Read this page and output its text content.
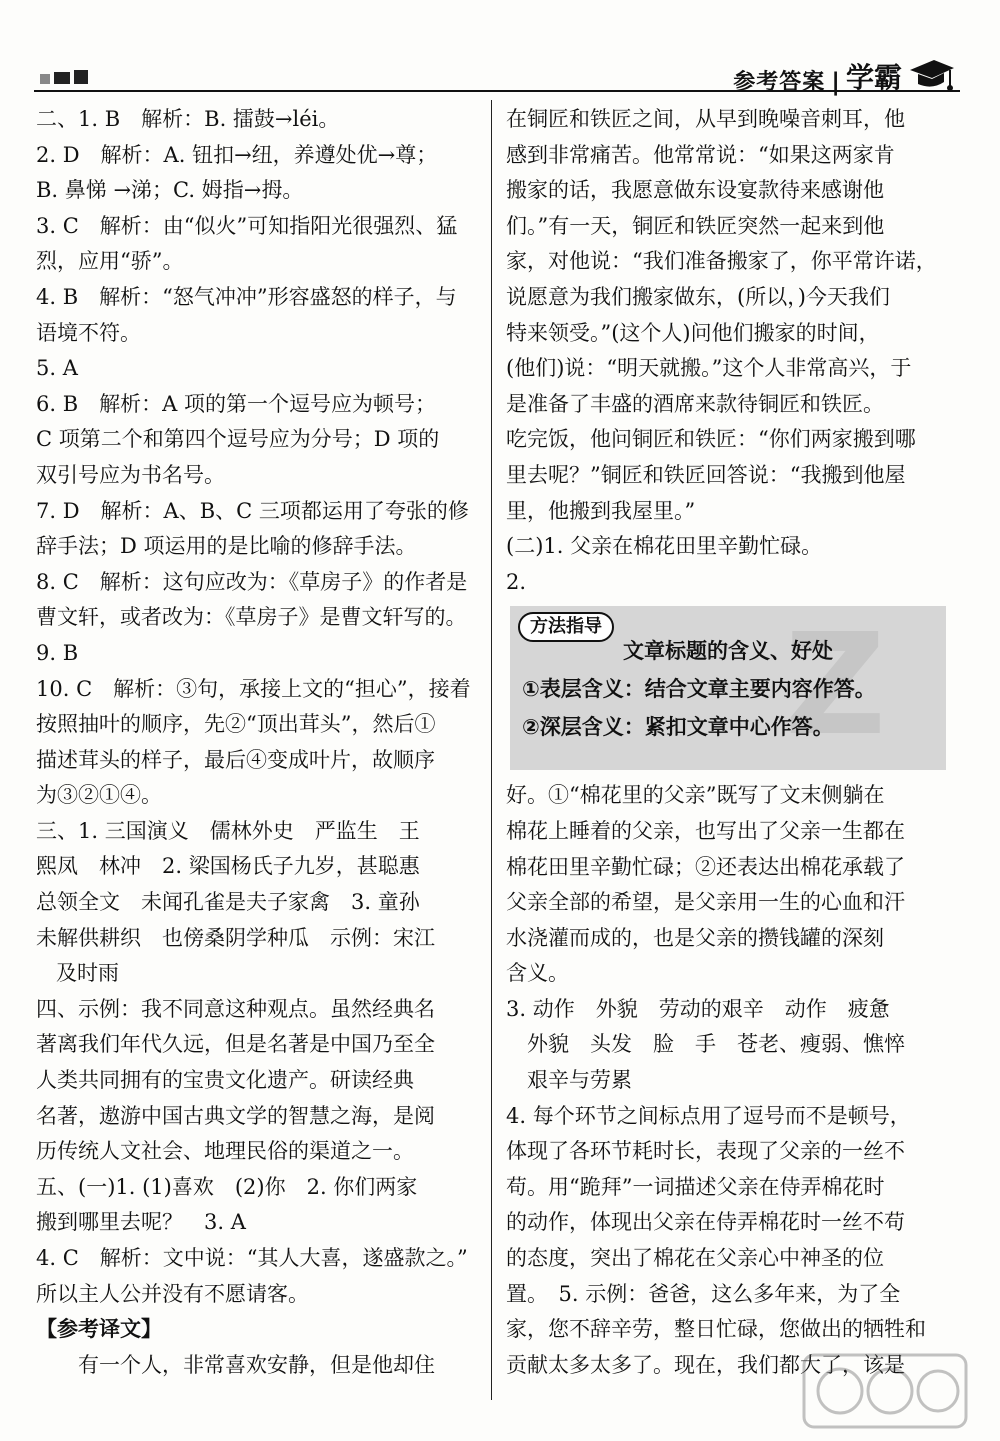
参考答案 | 学霸

二、1. B　解析：B. 擂鼓→léi。

2. D　解析：A. 钮扣→纽，养遵处优→尊；

B. 鼻悌 →涕；C. 姆指→拇。

3. C　解析：由“似火”可知指阳光很强烈、猛

烈，应用“骄”。

4. B　解析：“怒气冲冲”形容盛怒的样子，与

语境不符。

5. A

6. B　解析：A 项的第一个逗号应为顿号；

C 项第二个和第四个逗号应为分号；D 项的

双引号应为书名号。

7. D　解析：A、B、C 三项都运用了夸张的修

辞手法；D 项运用的是比喻的修辞手法。

8. C　解析：这句应改为：《草房子》的作者是

曹文轩，或者改为：《草房子》是曹文轩写的。

9. B

10. C　解析：③句，承接上文的“担心”，接着

按照抽叶的顺序，先②“顶出茸头”，然后①

描述茸头的样子，最后④变成叶片，故顺序

为③②①④。

三、1. 三国演义　儒林外史　严监生　王

熙凤　林冲　2. 梁国杨氏子九岁，甚聪惠

总领全文　未闻孔雀是夫子家禽　3. 童孙

未解供耕织　也傍桑阴学种瓜　示例：宋江

及时雨

四、示例：我不同意这种观点。虽然经典名

著离我们年代久远，但是名著是中国乃至全

人类共同拥有的宝贵文化遗产。研读经典

名著，遨游中国古典文学的智慧之海，是阅

历传统人文社会、地理民俗的渠道之一。

五、(一)1. (1)喜欢　(2)你　2. 你们两家

搬到哪里去呢？　3. A

4. C　解析：文中说：“其人大喜，遂盛款之。”

所以主人公并没有不愿请客。

【参考译文】

　　有一个人，非常喜欢安静，但是他却住

在铜匠和铁匠之间，从早到晚噪音刺耳，他

感到非常痛苦。他常常说：“如果这两家肯

搬家的话，我愿意做东设宴款待来感谢他

们。”有一天，铜匠和铁匠突然一起来到他

家，对他说：“我们准备搬家了，你平常许诺，

说愿意为我们搬家做东，(所以，)今天我们

特来领受。”(这个人)问他们搬家的时间，

(他们)说：“明天就搬。”这个人非常高兴，于

是准备了丰盛的酒席来款待铜匠和铁匠。

吃完饭，他问铜匠和铁匠：“你们两家搬到哪

里去呢？”铜匠和铁匠回答说：“我搬到他屋

里，他搬到我屋里。”

(二)1. 父亲在棉花田里辛勤忙碌。

2.

Z
方法指导
文章标题的含义、好处
①表层含义：结合文章主要内容作答。
②深层含义：紧扣文章中心作答。

好。①“棉花里的父亲”既写了文末侧躺在

棉花上睡着的父亲，也写出了父亲一生都在

棉花田里辛勤忙碌；②还表达出棉花承载了

父亲全部的希望，是父亲用一生的心血和汗

水浇灌而成的，也是父亲的攒钱罐的深刻

含义。

3. 动作　外貌　劳动的艰辛　动作　疲惫

　外貌　头发　脸　手　苍老、瘦弱、憔悴

　艰辛与劳累

4. 每个环节之间标点用了逗号而不是顿号，

体现了各环节耗时长，表现了父亲的一丝不

苟。用“跪拜”一词描述父亲在侍弄棉花时

的动作，体现出父亲在侍弄棉花时一丝不苟

的态度，突出了棉花在父亲心中神圣的位

置。　5. 示例：爸爸，这么多年来，为了全

家，您不辞辛劳，整日忙碌，您做出的牺牲和

贡献太多太多了。现在，我们都大了，该是
